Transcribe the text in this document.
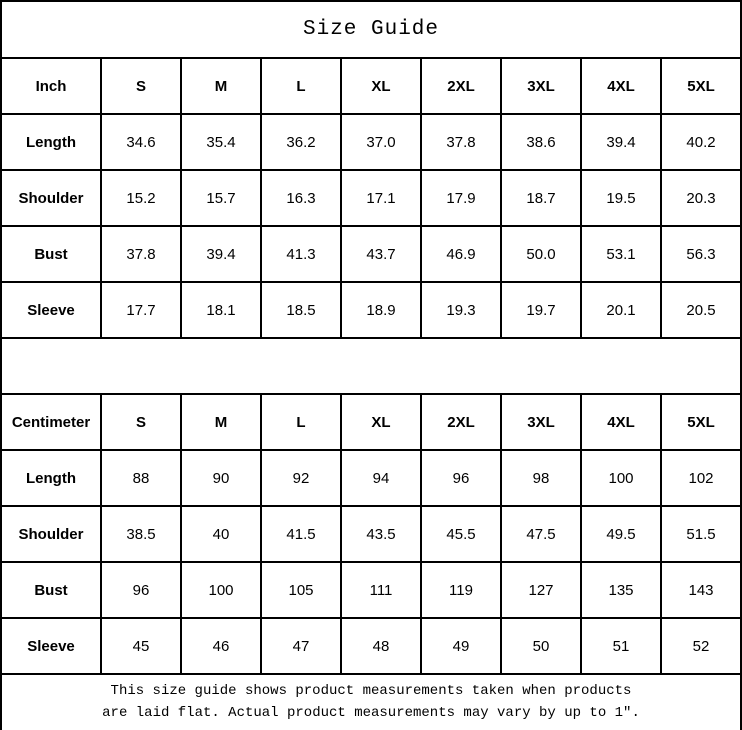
Size Guide								
Inch	S	M	L	XL	2XL	3XL	4XL	5XL
Length	34.6	35.4	36.2	37.0	37.8	38.6	39.4	40.2
Shoulder	15.2	15.7	16.3	17.1	17.9	18.7	19.5	20.3
Bust	37.8	39.4	41.3	43.7	46.9	50.0	53.1	56.3
Sleeve	17.7	18.1	18.5	18.9	19.3	19.7	20.1	20.5

Centimeter	S	M	L	XL	2XL	3XL	4XL	5XL
Length	88	90	92	94	96	98	100	102
Shoulder	38.5	40	41.5	43.5	45.5	47.5	49.5	51.5
Bust	96	100	105	111	119	127	135	143
Sleeve	45	46	47	48	49	50	51	52

This size guide shows product measurements taken when products
are laid flat. Actual product measurements may vary by up to 1″.								
